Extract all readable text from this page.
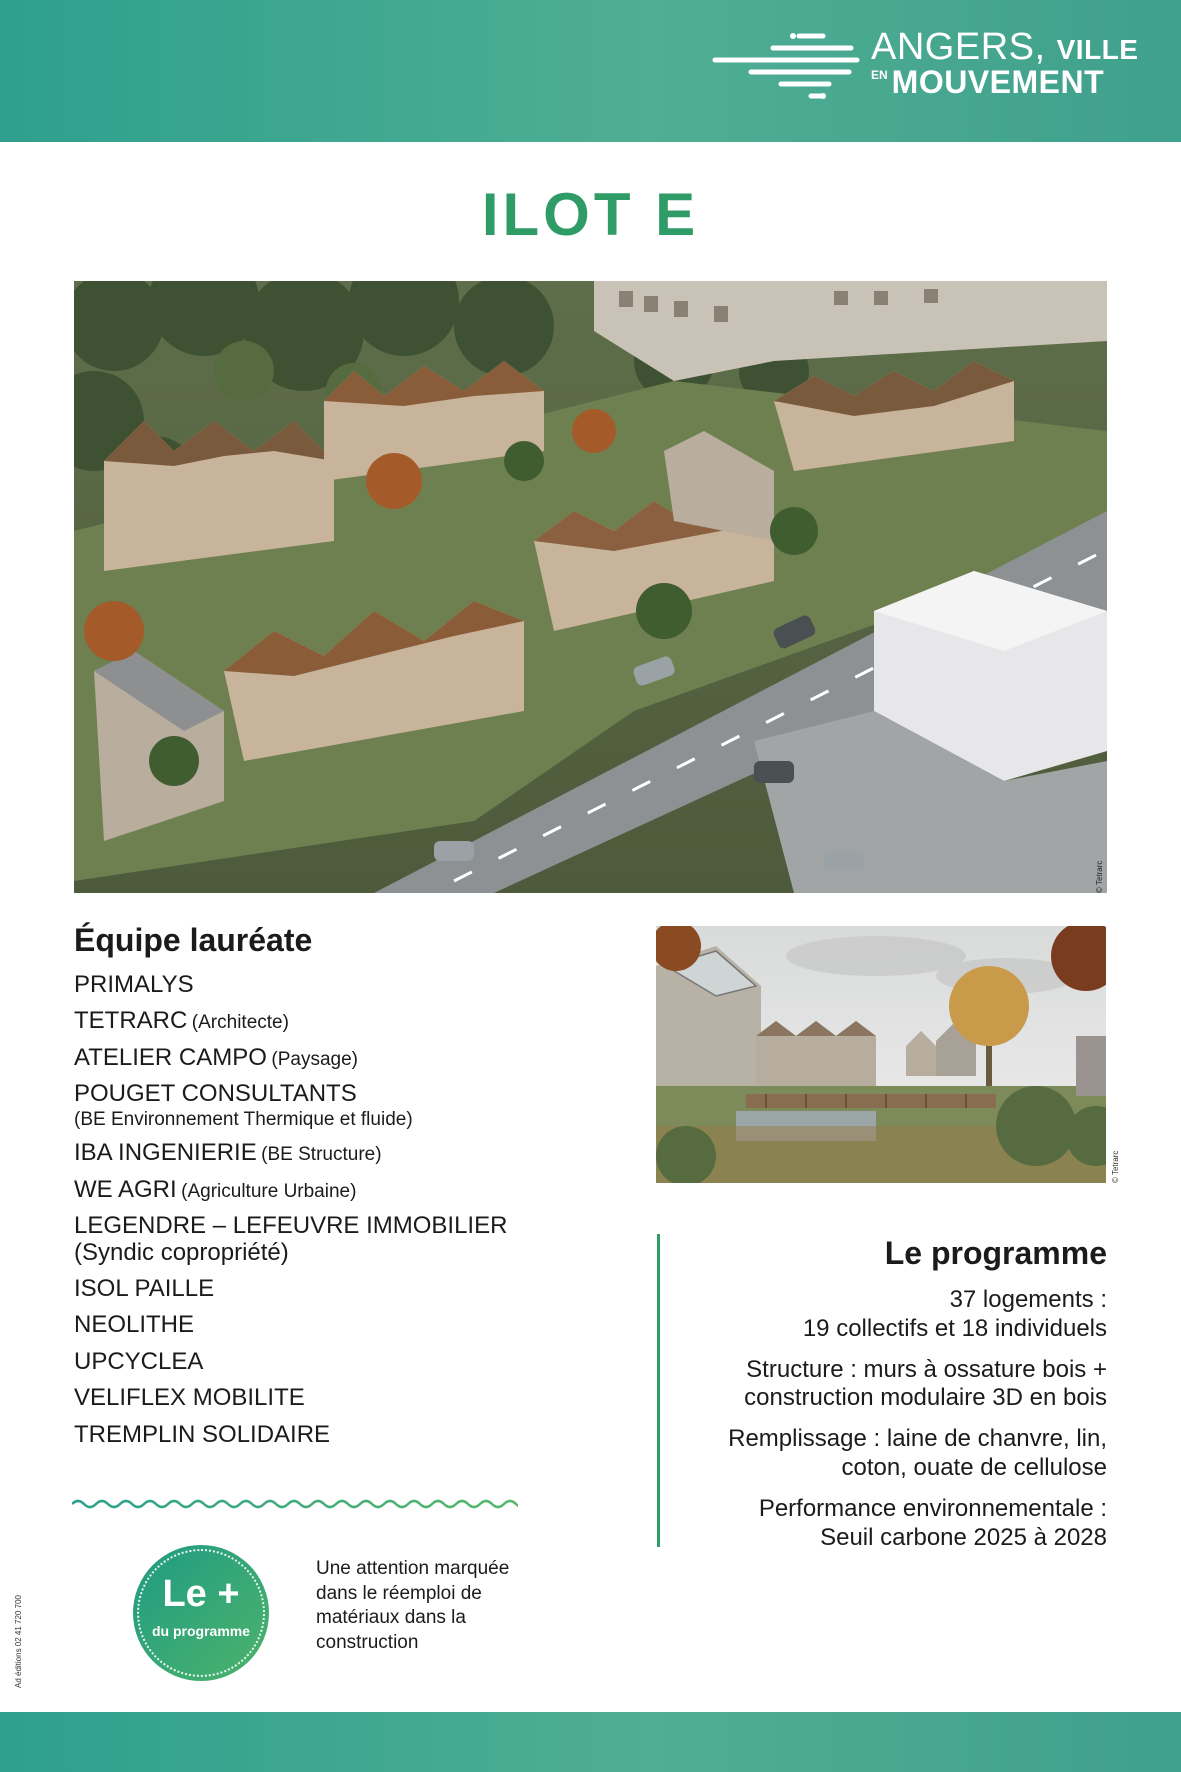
ANGERS, VILLE
$^{EN}$ MOUVEMENT
ILOT E
© Tetrarc
Équipe lauréate
PRIMALYS
TETRARC (Architecte)
ATELIER CAMPO (Paysage)
POUGET CONSULTANTS
(BE Environnement Thermique et fluide)
IBA INGENIERIE (BE Structure)
WE AGRI (Agriculture Urbaine)
LEGENDRE – LEFEUVRE IMMOBILIER
(Syndic copropriété)
ISOL PAILLE
NEOLITHE
UPCYCLEA
VELIFLEX MOBILITE
TREMPLIN SOLIDAIRE
Le +
du programme
Une attention marquée dans le réemploi de matériaux dans la construction
Ad éditions 02 41 720 700
© Tetrarc
Le programme
37 logements :
19 collectifs et 18 individuels
Structure : murs à ossature bois +
construction modulaire 3D en bois
Remplissage : laine de chanvre, lin,
coton, ouate de cellulose
Performance environnementale :
Seuil carbone 2025 à 2028
